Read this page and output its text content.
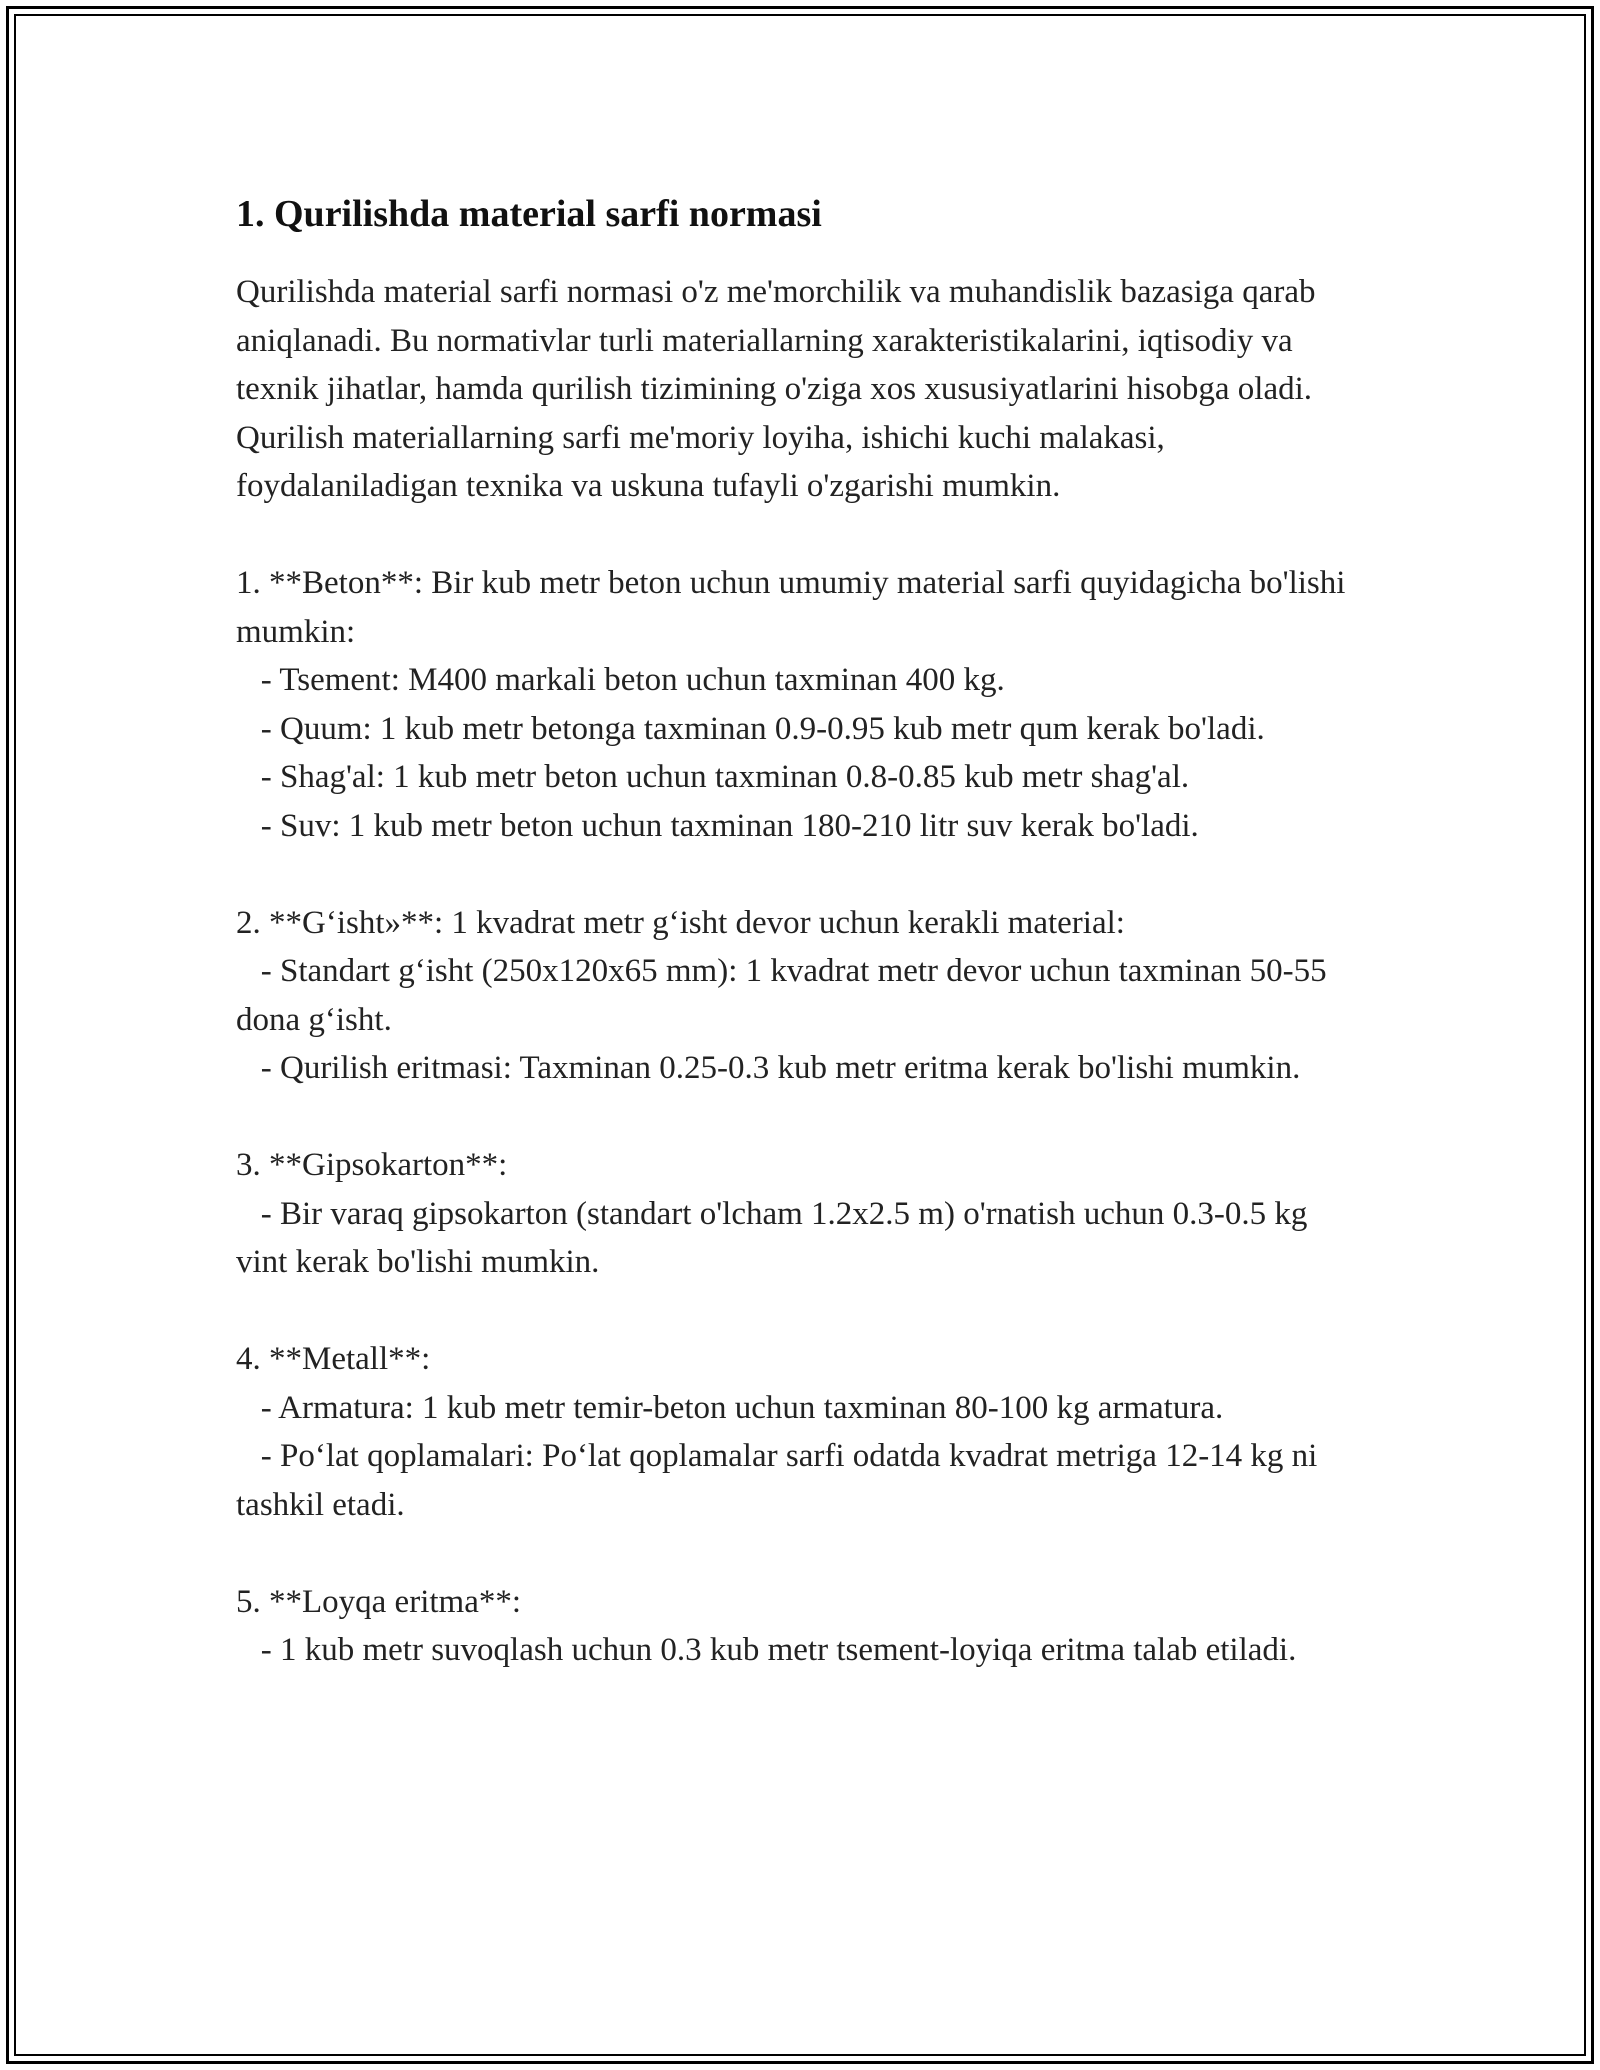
1. Qurilishda material sarfi normasi
Qurilishda material sarfi normasi o'z me'morchilik va muhandislik bazasiga qarab aniqlanadi. Bu normativlar turli materiallarning xarakteristikalarini, iqtisodiy va texnik jihatlar, hamda qurilish tizimining o'ziga xos xususiyatlarini hisobga oladi. Qurilish materiallarning sarfi me'moriy loyiha, ishichi kuchi malakasi, foydalaniladigan texnika va uskuna tufayli o'zgarishi mumkin.

1. **Beton**: Bir kub metr beton uchun umumiy material sarfi quyidagicha bo'lishi mumkin:
- Tsement: M400 markali beton uchun taxminan 400 kg.
- Quum: 1 kub metr betonga taxminan 0.9-0.95 kub metr qum kerak bo'ladi.
- Shag'al: 1 kub metr beton uchun taxminan 0.8-0.85 kub metr shag'al.
- Suv: 1 kub metr beton uchun taxminan 180-210 litr suv kerak bo'ladi.

2. **G‘isht»**: 1 kvadrat metr g‘isht devor uchun kerakli material:
- Standart g‘isht (250x120x65 mm): 1 kvadrat metr devor uchun taxminan 50-55 dona g‘isht.
- Qurilish eritmasi: Taxminan 0.25-0.3 kub metr eritma kerak bo'lishi mumkin.

3. **Gipsokarton**:
- Bir varaq gipsokarton (standart o'lcham 1.2x2.5 m) o'rnatish uchun 0.3-0.5 kg vint kerak bo'lishi mumkin.

4. **Metall**:
- Armatura: 1 kub metr temir-beton uchun taxminan 80-100 kg armatura.
- Po‘lat qoplamalari: Po‘lat qoplamalar sarfi odatda kvadrat metriga 12-14 kg ni tashkil etadi.

5. **Loyqa eritma**:
- 1 kub metr suvoqlash uchun 0.3 kub metr tsement-loyiqa eritma talab etiladi.
